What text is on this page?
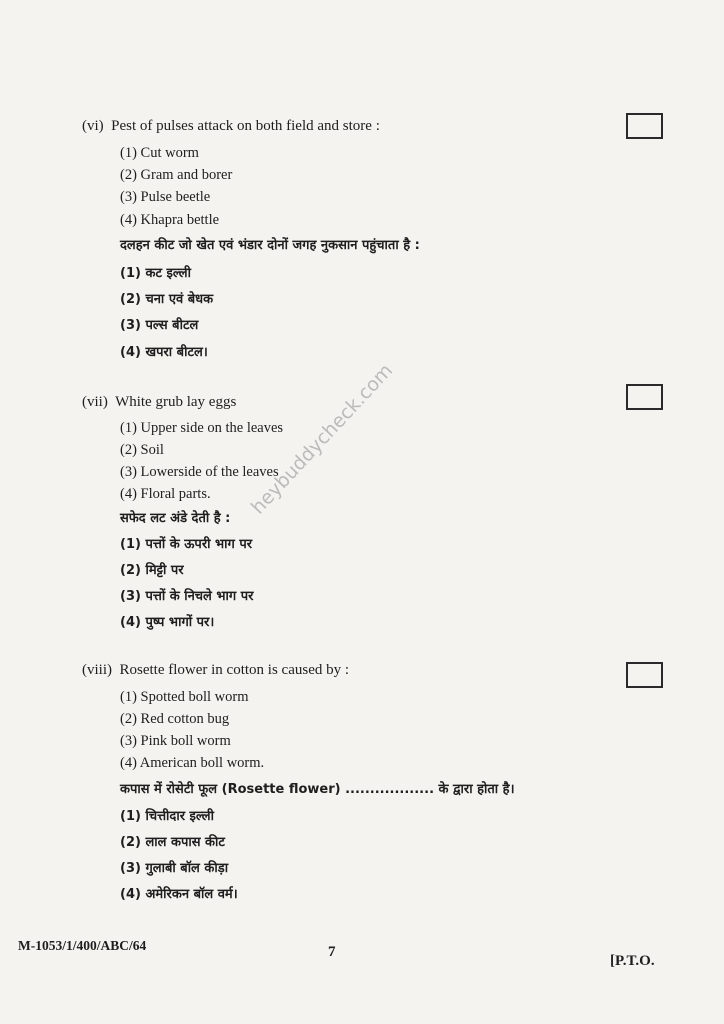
(vi) Pest of pulses attack on both field and store :
(1) Cut worm
(2) Gram and borer
(3) Pulse beetle
(4) Khapra bettle
दलहन कीट जो खेत एवं भंडार दोनों जगह नुकसान पहुंचाता है :
(1) कट इल्ली
(2) चना एवं बेधक
(3) पल्स बीटल
(4) खपरा बीटल।
(vii) White grub lay eggs
(1) Upper side on the leaves
(2) Soil
(3) Lowerside of the leaves
(4) Floral parts.
सफेद लट अंडे देती है :
(1) पत्तों के ऊपरी भाग पर
(2) मिट्टी पर
(3) पत्तों के निचले भाग पर
(4) पुष्प भागों पर।
(viii) Rosette flower in cotton is caused by :
(1) Spotted boll worm
(2) Red cotton bug
(3) Pink boll worm
(4) American boll worm.
कपास में रोसेटी फूल (Rosette flower) .................. के द्वारा होता है।
(1) चित्तीदार इल्ली
(2) लाल कपास कीट
(3) गुलाबी बॉल कीड़ा
(4) अमेरिकन बॉल वर्म।
heybuddycheck.com
M-1053/1/400/ABC/64	7
[P.T.O.
